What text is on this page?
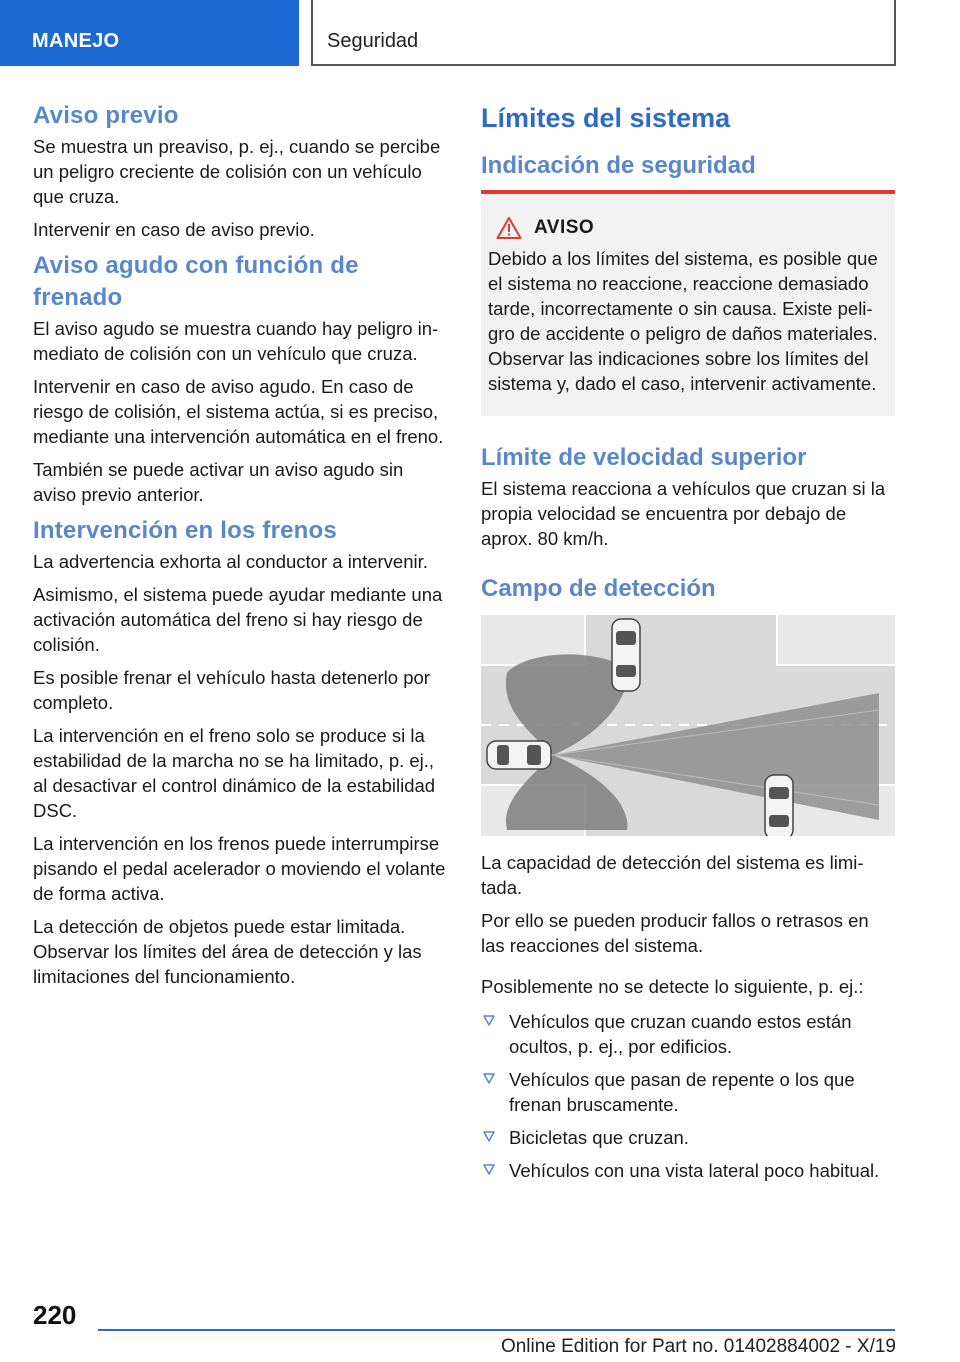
MANEJO	Seguridad
Aviso previo

Se muestra un preaviso, p. ej., cuando se percibe un peligro creciente de colisión con un vehículo que cruza.

Intervenir en caso de aviso previo.

Aviso agudo con función de frenado

El aviso agudo se muestra cuando hay peligro inmediato de colisión con un vehículo que cruza.

Intervenir en caso de aviso agudo. En caso de riesgo de colisión, el sistema actúa, si es preciso, mediante una intervención automática en el freno.

También se puede activar un aviso agudo sin aviso previo anterior.

Intervención en los frenos

La advertencia exhorta al conductor a intervenir.

Asimismo, el sistema puede ayudar mediante una activación automática del freno si hay riesgo de colisión.

Es posible frenar el vehículo hasta detenerlo por completo.

La intervención en el freno solo se produce si la estabilidad de la marcha no se ha limitado, p. ej., al desactivar el control dinámico de la estabilidad DSC.

La intervención en los frenos puede interrumpirse pisando el pedal acelerador o moviendo el volante de forma activa.

La detección de objetos puede estar limitada. Observar los límites del área de detección y las limitaciones del funcionamiento.

Límites del sistema
Indicación de seguridad
AVISO

Debido a los límites del sistema, es posible que el sistema no reaccione, reaccione demasiado tarde, incorrectamente o sin causa. Existe peligro de accidente o peligro de daños materiales. Observar las indicaciones sobre los límites del sistema y, dado el caso, intervenir activamente.

Límite de velocidad superior

El sistema reacciona a vehículos que cruzan si la propia velocidad se encuentra por debajo de aprox. 80 km/h.

Campo de detección

La capacidad de detección del sistema es limitada.

Por ello se pueden producir fallos o retrasos en las reacciones del sistema.

Posiblemente no se detecte lo siguiente, p. ej.:

Vehículos que cruzan cuando estos están ocultos, p. ej., por edificios.
Vehículos que pasan de repente o los que frenan bruscamente.
Bicicletas que cruzan.
Vehículos con una vista lateral poco habitual.
220
Online Edition for Part no. 01402884002 - X/19
